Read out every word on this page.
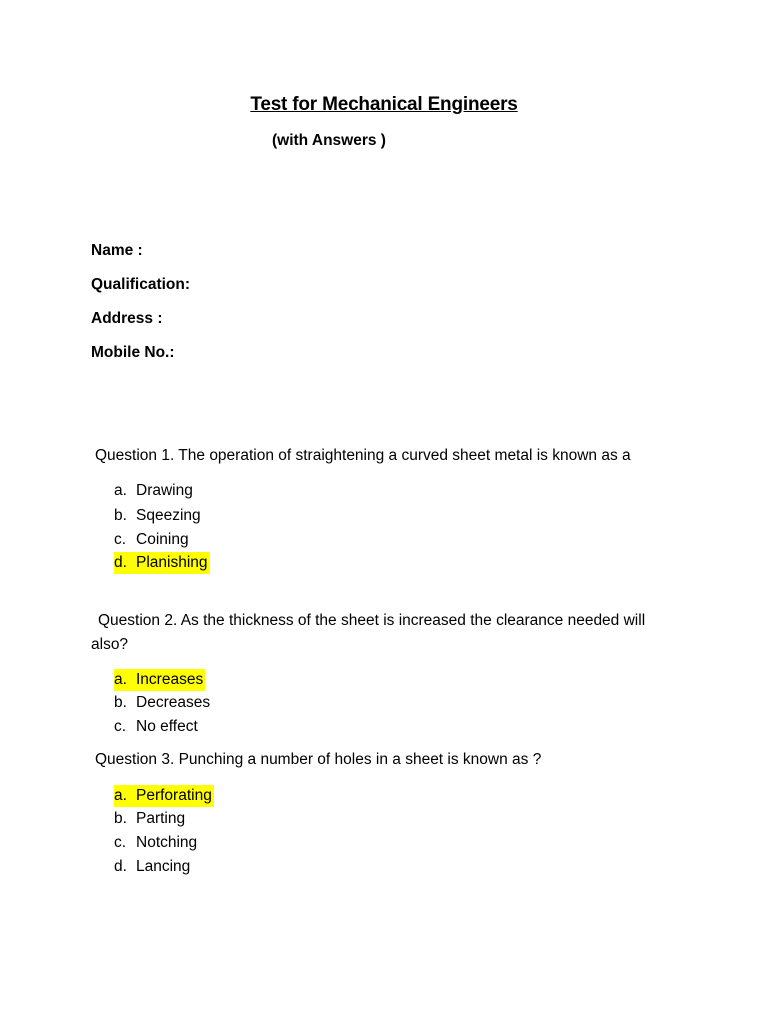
Test for Mechanical Engineers
(with Answers )
Name :
Qualification:
Address :
Mobile No.:
Question 1. The operation of straightening a curved sheet metal is known as a
a. Drawing
b. Sqeezing
c. Coining
d. Planishing
Question 2. As the thickness of the sheet is increased the clearance needed will also?
a. Increases
b. Decreases
c. No effect
Question 3. Punching a number of holes in a sheet is known as ?
a. Perforating
b. Parting
c. Notching
d. Lancing
